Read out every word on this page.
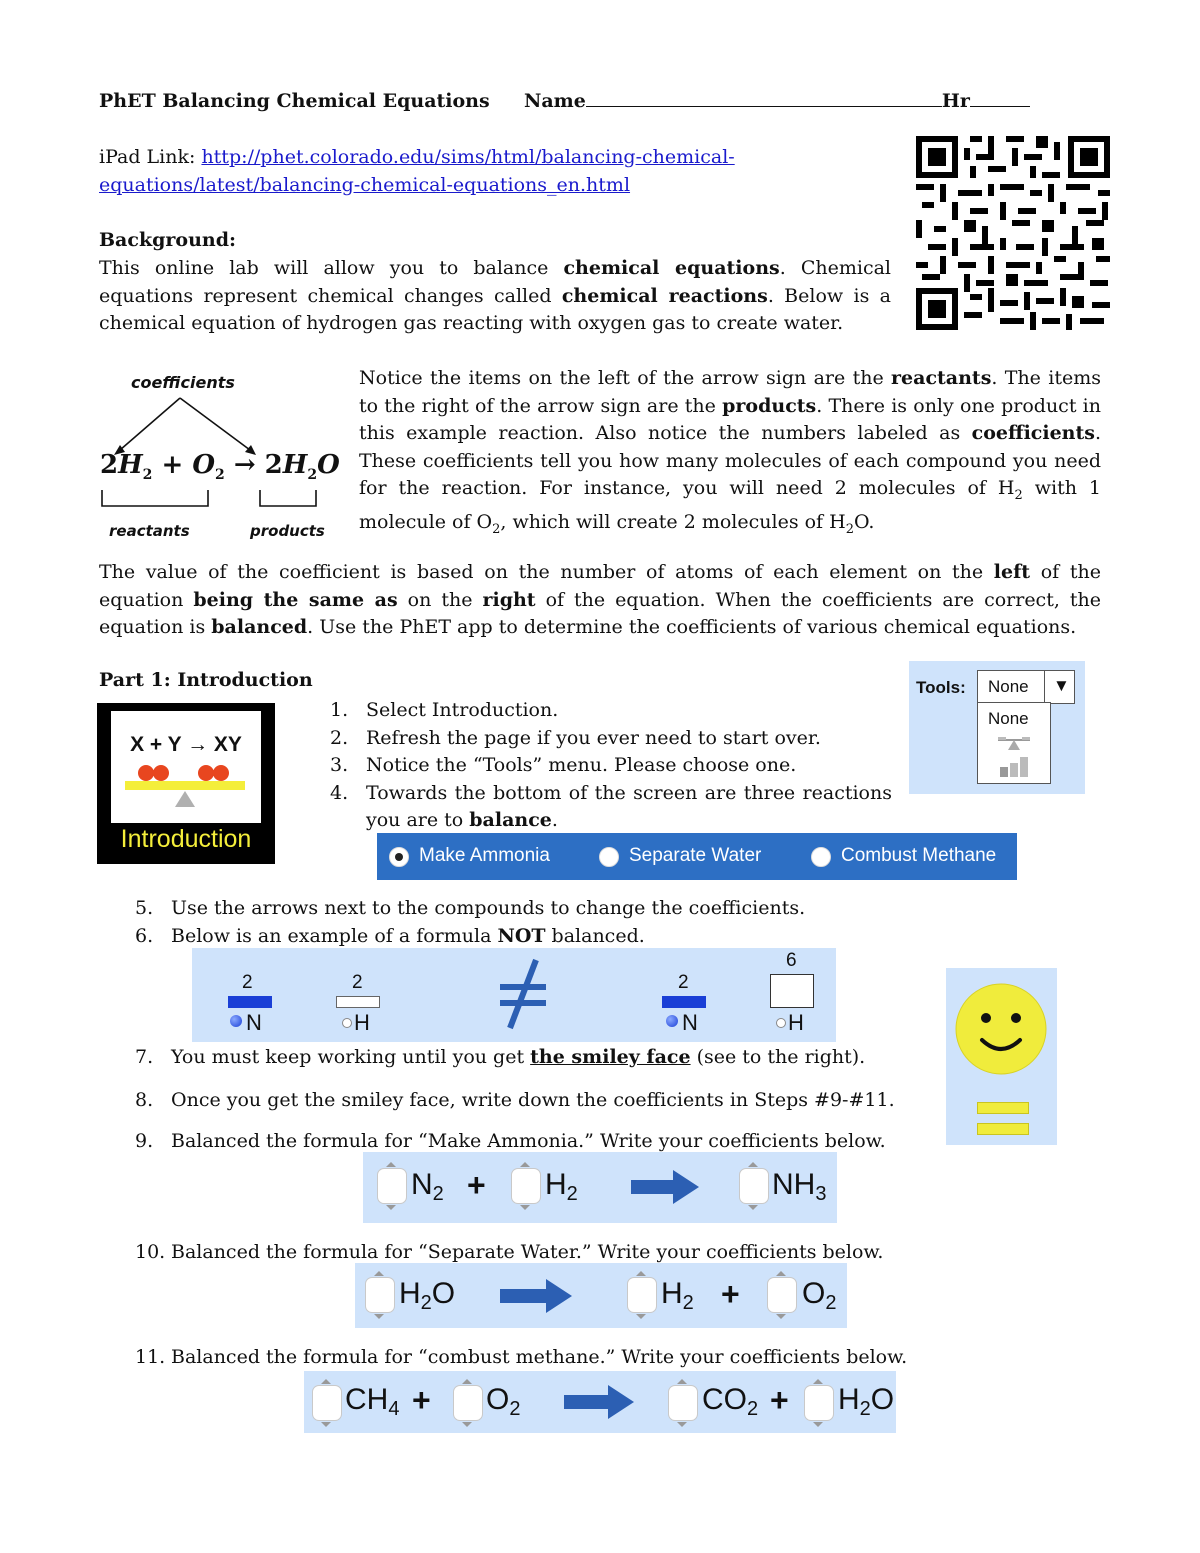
PhET Balancing Chemical Equations Name	Hr
iPad Link: http://phet.colorado.edu/sims/html/balancing-chemical-
equations/latest/balancing-chemical-equations_en.html
Background:
This online lab will allow you to balance chemical equations. Chemical equations represent chemical changes called chemical reactions. Below is a chemical equation of hydrogen gas reacting with oxygen gas to create water.
coefficients
$2H_2 + O_2 \to 2H_2O$
reactants	products
Notice the items on the left of the arrow sign are the reactants. The items to the right of the arrow sign are the products. There is only one product in this example reaction. Also notice the numbers labeled as coefficients. These coefficients tell you how many molecules of each compound you need for the reaction. For instance, you will need 2 molecules of $H_2$ with 1 molecule of $O_2$, which will create 2 molecules of $H_2O$.
The value of the coefficient is based on the number of atoms of each element on the left of the equation being the same as on the right of the equation. When the coefficients are correct, the equation is balanced. Use the PhET app to determine the coefficients of various chemical equations.
Part 1: Introduction
X + Y → XY
Introduction
1. Select Introduction.
2. Refresh the page if you ever need to start over.
3. Notice the “Tools” menu. Please choose one.
4. Towards the bottom of the screen are three reactions you are to balance.
Tools: None ▼
None
Make Ammonia	Separate Water	Combust Methane
5. Use the arrows next to the compounds to change the coefficients.
6. Below is an example of a formula NOT balanced.
2
N
2
H
2
N
6
H
7. You must keep working until you get the smiley face (see to the right).
8. Once you get the smiley face, write down the coefficients in Steps #9-#11.
9. Balanced the formula for “Make Ammonia.” Write your coefficients below.
$N_2 + H_2$	$NH_3$
10. Balanced the formula for “Separate Water.” Write your coefficients below.
$H_2O$	$H_2 + O_2$
11. Balanced the formula for “combust methane.” Write your coefficients below.
$CH_4 + O_2$	$CO_2 + H_2O$
